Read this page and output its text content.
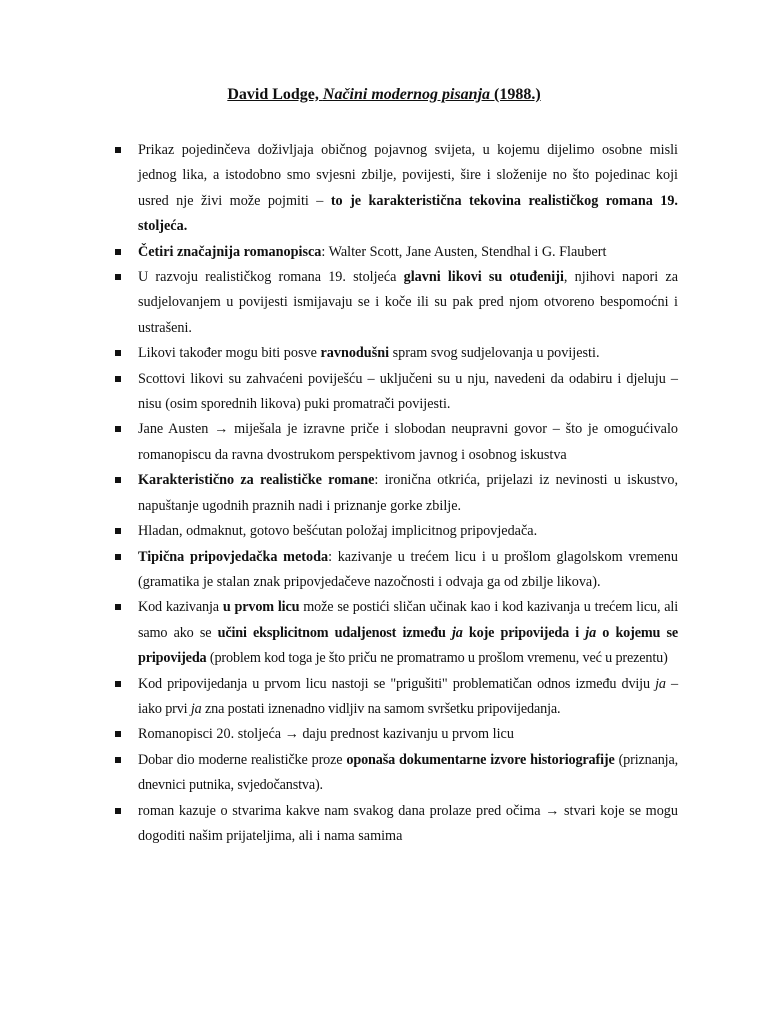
David Lodge, Načini modernog pisanja (1988.)
Prikaz pojedinčeva doživljaja običnog pojavnog svijeta, u kojemu dijelimo osobne misli jednog lika, a istodobno smo svjesni zbilje, povijesti, šire i složenije no što pojedinac koji usred nje živi može pojmiti – to je karakteristična tekovina realističkog romana 19. stoljeća.
Četiri značajnija romanopisca: Walter Scott, Jane Austen, Stendhal i G. Flaubert
U razvoju realističkog romana 19. stoljeća glavni likovi su otuđeniji, njihovi napori za sudjelovanjem u povijesti ismijavaju se i koče ili su pak pred njom otvoreno bespomoćni i ustrašeni.
Likovi također mogu biti posve ravnodušni spram svog sudjelovanja u povijesti.
Scottovi likovi su zahvaćeni poviješću – uključeni su u nju, navedeni da odabiru i djeluju – nisu (osim sporednih likova) puki promatrači povijesti.
Jane Austen → miješala je izravne priče i slobodan neupravni govor – što je omogućivalo romanopiscu da ravna dvostrukom perspektivom javnog i osobnog iskustva
Karakteristično za realističke romane: ironična otkrića, prijelazi iz nevinosti u iskustvo, napuštanje ugodnih praznih nadi i priznanje gorke zbilje.
Hladan, odmaknut, gotovo bešćutan položaj implicitnog pripovjedača.
Tipična pripovjedačka metoda: kazivanje u trećem licu i u prošlom glagolskom vremenu (gramatika je stalan znak pripovjedačeve nazočnosti i odvaja ga od zbilje likova).
Kod kazivanja u prvom licu može se postići sličan učinak kao i kod kazivanja u trećem licu, ali samo ako se učini eksplicitnom udaljenost između ja koje pripovijeda i ja o kojemu se pripovijeda (problem kod toga je što priču ne promatramo u prošlom vremenu, već u prezentu)
Kod pripovijedanja u prvom licu nastoji se "prigušiti" problematičan odnos između dviju ja – iako prvi ja zna postati iznenadno vidljiv na samom svršetku pripovijedanja.
Romanopisci 20. stoljeća → daju prednost kazivanju u prvom licu
Dobar dio moderne realističke proze oponaša dokumentarne izvore historiografije (priznanja, dnevnici putnika, svjedočanstva).
roman kazuje o stvarima kakve nam svakog dana prolaze pred očima → stvari koje se mogu dogoditi našim prijateljima, ali i nama samima
